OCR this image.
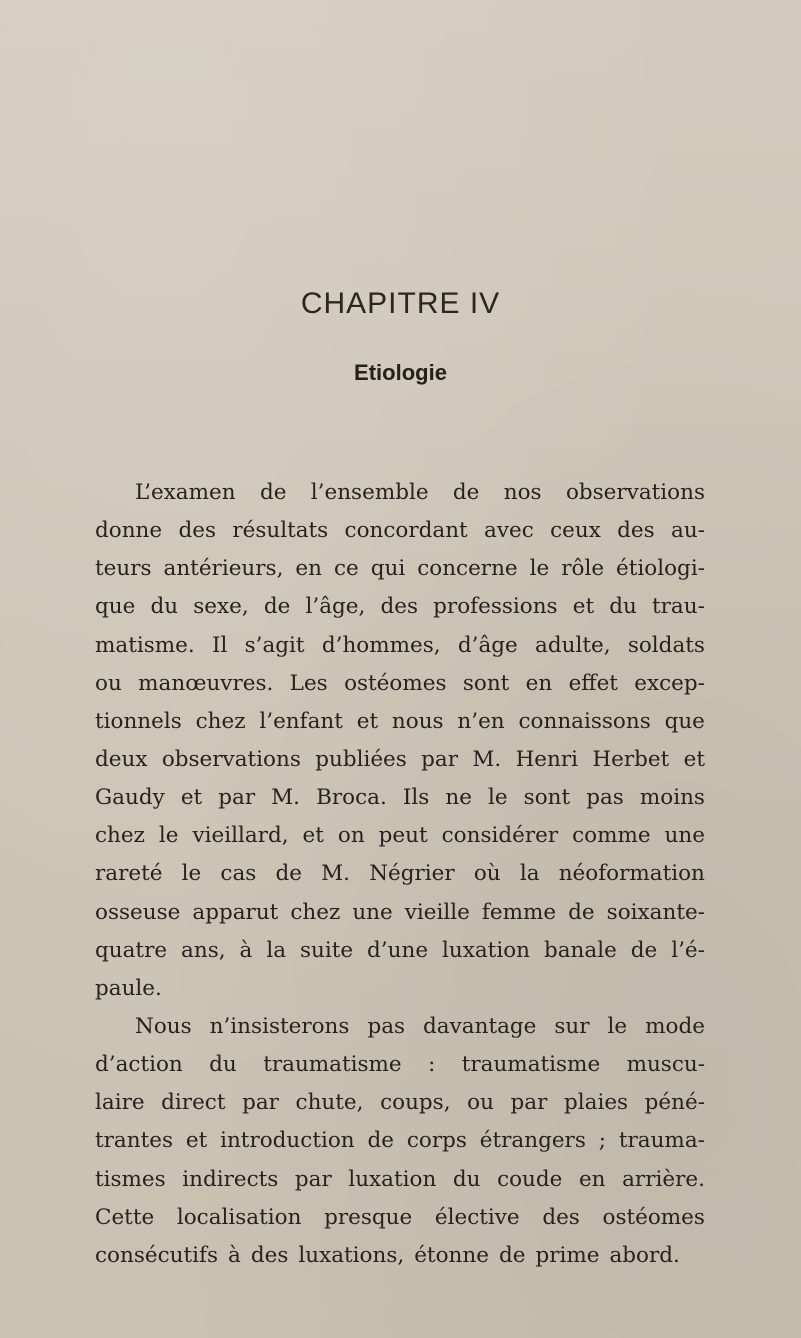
CHAPITRE IV
Etiologie
L’examen de l’ensemble de nos observations
donne des résultats concordant avec ceux des au-
teurs antérieurs, en ce qui concerne le rôle étiologi-
que du sexe, de l’âge, des professions et du trau-
matisme. Il s’agit d’hommes, d’âge adulte, soldats
ou manœuvres. Les ostéomes sont en effet excep-
tionnels chez l’enfant et nous n’en connaissons que
deux observations publiées par M. Henri Herbet et
Gaudy et par M. Broca. Ils ne le sont pas moins
chez le vieillard, et on peut considérer comme une
rareté le cas de M. Négrier où la néoformation
osseuse apparut chez une vieille femme de soixante-
quatre ans, à la suite d’une luxation banale de l’é-
paule.
Nous n’insisterons pas davantage sur le mode
d’action du traumatisme : traumatisme muscu-
laire direct par chute, coups, ou par plaies péné-
trantes et introduction de corps étrangers ; trauma-
tismes indirects par luxation du coude en arrière.
Cette localisation presque élective des ostéomes
consécutifs à des luxations, étonne de prime abord.
